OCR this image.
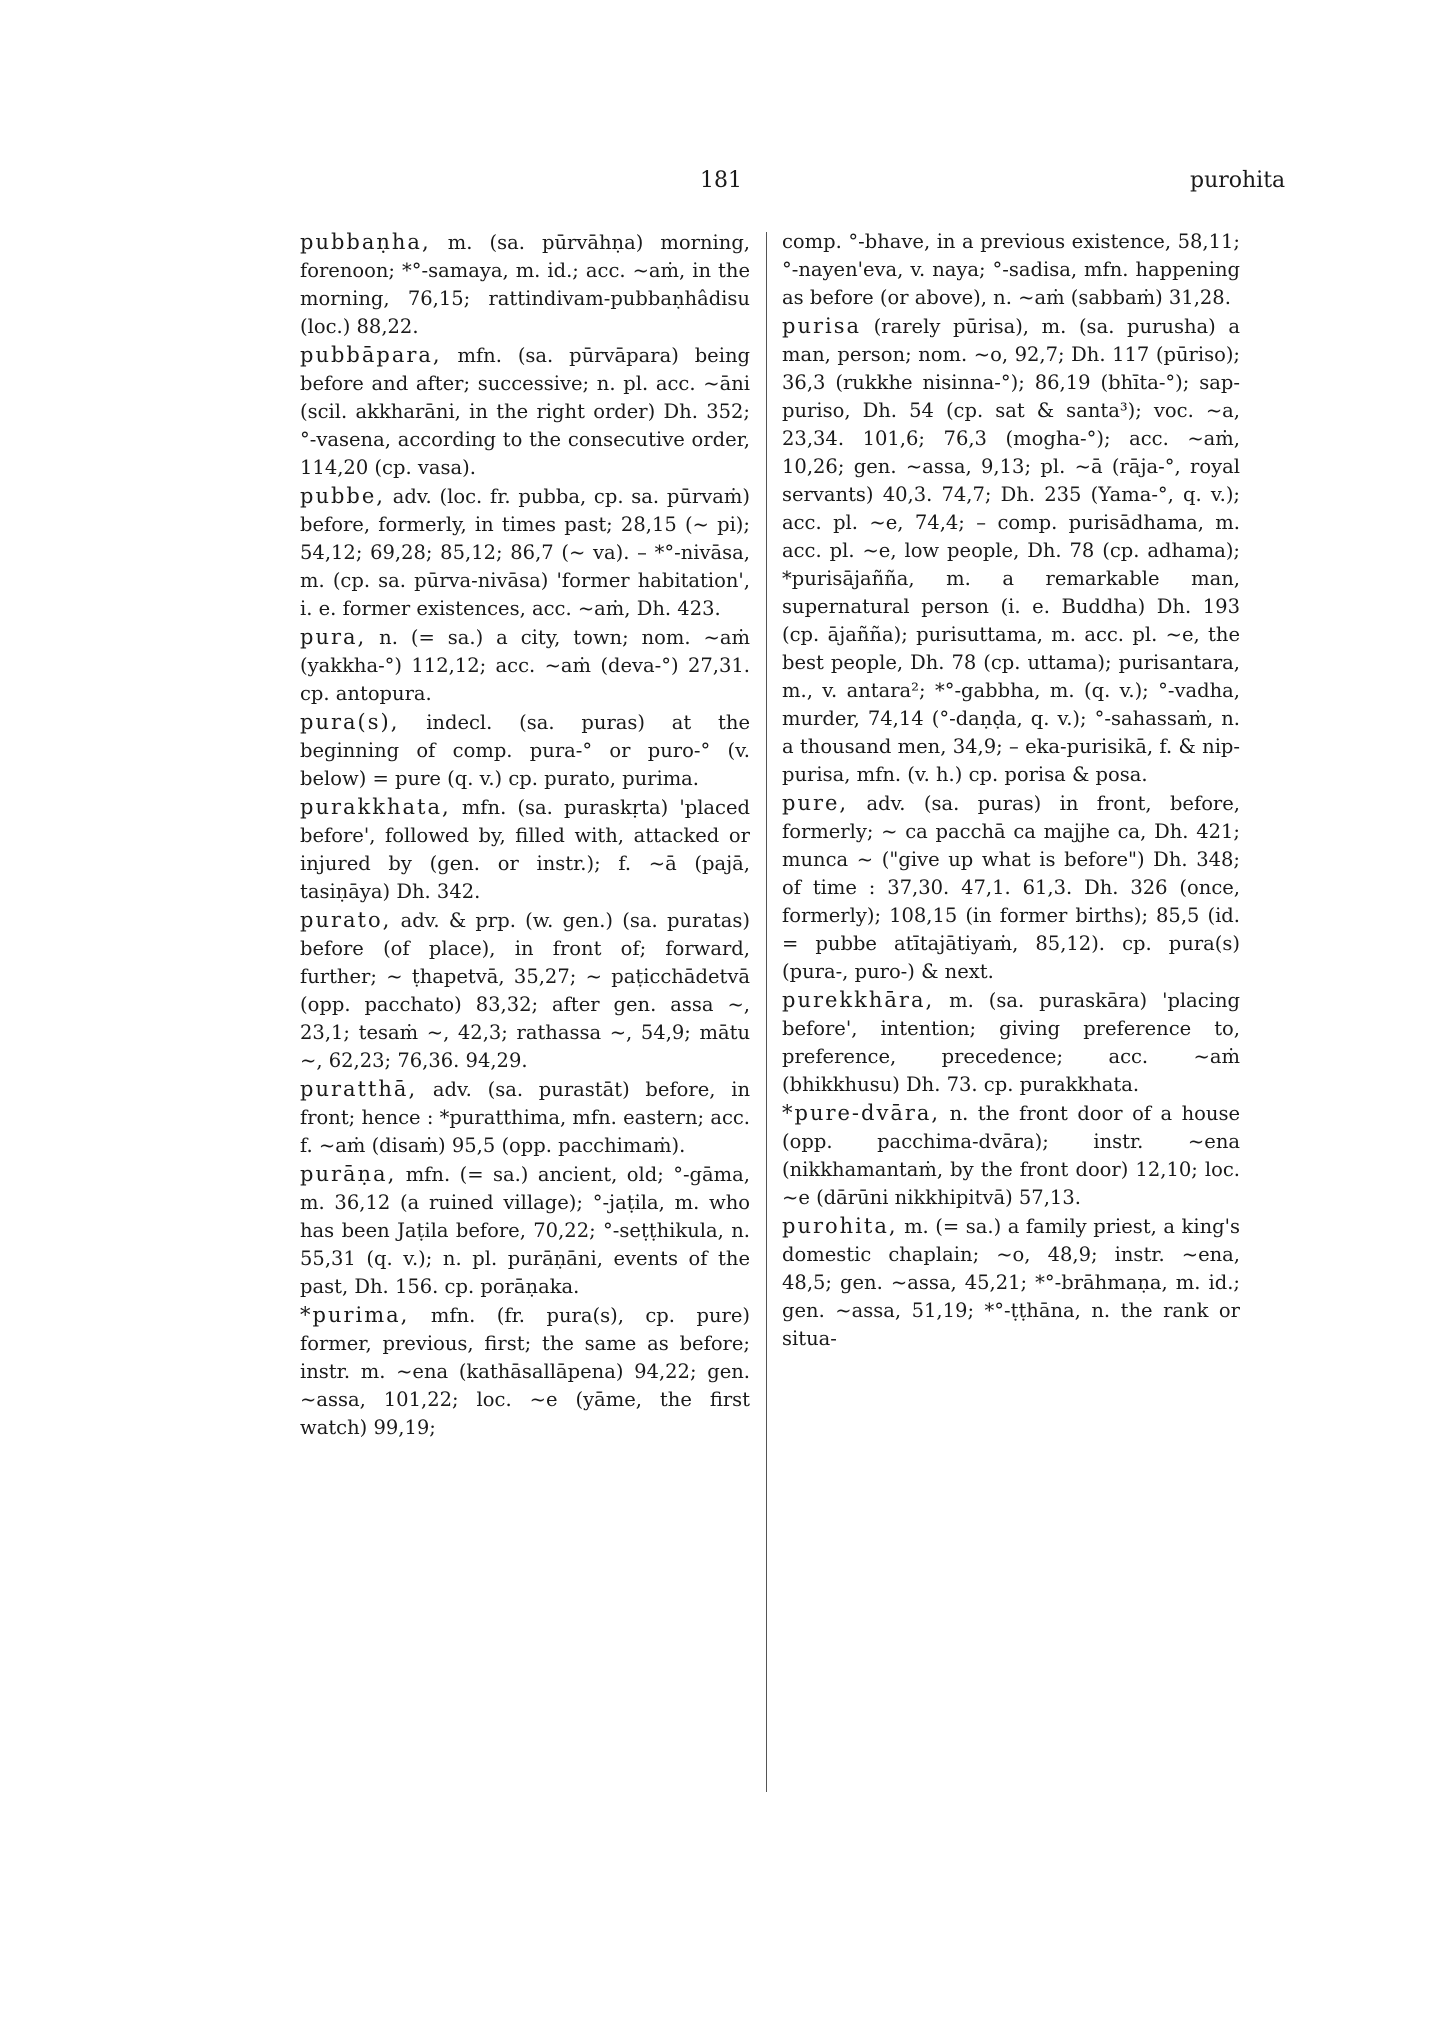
181	purohita

pubbaṇha, m. (sa. pūrvāhṇa) morning, forenoon; *°-samaya, m. id.; acc. ~aṁ, in the morning, 76,15; rattindivam-pubbaṇhâdisu (loc.) 88,22.

pubbāpara, mfn. (sa. pūrvāpara) being before and after; successive; n. pl. acc. ~āni (scil. akkharāni, in the right order) Dh. 352; °-vasena, according to the consecutive order, 114,20 (cp. vasa).

pubbe, adv. (loc. fr. pubba, cp. sa. pūrvaṁ) before, formerly, in times past; 28,15 (~ pi); 54,12; 69,28; 85,12; 86,7 (~ va). – *°-nivāsa, m. (cp. sa. pūrva-nivāsa) 'former habitation', i. e. former existences, acc. ~aṁ, Dh. 423.

pura, n. (= sa.) a city, town; nom. ~aṁ (yakkha-°) 112,12; acc. ~aṁ (deva-°) 27,31. cp. antopura.

pura(s), indecl. (sa. puras) at the beginning of comp. pura-° or puro-° (v. below) = pure (q. v.) cp. purato, purima.

purakkhata, mfn. (sa. puraskṛta) 'placed before', followed by, filled with, attacked or injured by (gen. or instr.); f. ~ā (pajā, tasiṇāya) Dh. 342.

purato, adv. & prp. (w. gen.) (sa. puratas) before (of place), in front of; forward, further; ~ ṭhapetvā, 35,27; ~ paṭicchādetvā (opp. pacchato) 83,32; after gen. assa ~, 23,1; tesaṁ ~, 42,3; rathassa ~, 54,9; mātu ~, 62,23; 76,36. 94,29.

puratthā, adv. (sa. purastāt) before, in front; hence : *puratthima, mfn. eastern; acc. f. ~aṁ (disaṁ) 95,5 (opp. pacchimaṁ).

purāṇa, mfn. (= sa.) ancient, old; °-gāma, m. 36,12 (a ruined village); °-jaṭila, m. who has been Jaṭila before, 70,22; °-seṭṭhikula, n. 55,31 (q. v.); n. pl. purāṇāni, events of the past, Dh. 156. cp. porāṇaka.

*purima, mfn. (fr. pura(s), cp. pure) former, previous, first; the same as before; instr. m. ~ena (kathāsallāpena) 94,22; gen. ~assa, 101,22; loc. ~e (yāme, the first watch) 99,19;

comp. °-bhave, in a previous existence, 58,11; °-nayen'eva, v. naya; °-sadisa, mfn. happening as before (or above), n. ~aṁ (sabbaṁ) 31,28.

purisa (rarely pūrisa), m. (sa. purusha) a man, person; nom. ~o, 92,7; Dh. 117 (pūriso); 36,3 (rukkhe nisinna-°); 86,19 (bhīta-°); sap-puriso, Dh. 54 (cp. sat & santa³); voc. ~a, 23,34. 101,6; 76,3 (mogha-°); acc. ~aṁ, 10,26; gen. ~assa, 9,13; pl. ~ā (rāja-°, royal servants) 40,3. 74,7; Dh. 235 (Yama-°, q. v.); acc. pl. ~e, 74,4; – comp. purisādhama, m. acc. pl. ~e, low people, Dh. 78 (cp. adhama); *purisājañña, m. a remarkable man, supernatural person (i. e. Buddha) Dh. 193 (cp. ājañña); purisuttama, m. acc. pl. ~e, the best people, Dh. 78 (cp. uttama); purisantara, m., v. antara²; *°-gabbha, m. (q. v.); °-vadha, murder, 74,14 (°-daṇḍa, q. v.); °-sahassaṁ, n. a thousand men, 34,9; – eka-purisikā, f. & nip-purisa, mfn. (v. h.) cp. porisa & posa.

pure, adv. (sa. puras) in front, before, formerly; ~ ca pacchā ca majjhe ca, Dh. 421; munca ~ ("give up what is before") Dh. 348; of time : 37,30. 47,1. 61,3. Dh. 326 (once, formerly); 108,15 (in former births); 85,5 (id. = pubbe atītajātiyaṁ, 85,12). cp. pura(s) (pura-, puro-) & next.

purekkhāra, m. (sa. puraskāra) 'placing before', intention; giving preference to, preference, precedence; acc. ~aṁ (bhikkhusu) Dh. 73. cp. purakkhata.

*pure-dvāra, n. the front door of a house (opp. pacchima-dvāra); instr. ~ena (nikkhamantaṁ, by the front door) 12,10; loc. ~e (dārūni nikkhipitvā) 57,13.

purohita, m. (= sa.) a family priest, a king's domestic chaplain; ~o, 48,9; instr. ~ena, 48,5; gen. ~assa, 45,21; *°-brāhmaṇa, m. id.; gen. ~assa, 51,19; *°-ṭṭhāna, n. the rank or situa-
